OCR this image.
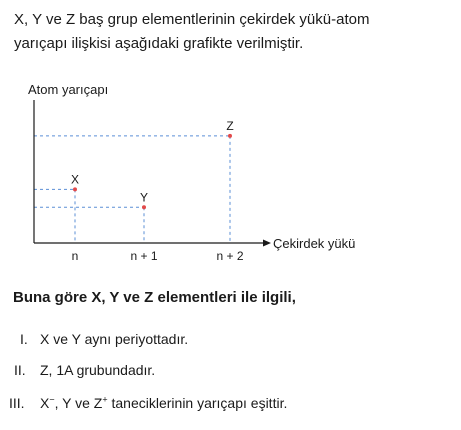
X, Y ve Z baş grup elementlerinin çekirdek yükü-atom
yarıçapı ilişkisi aşağıdaki grafikte verilmiştir.

Atom yarıçapı
Çekirdek yükü
n	n + 1	n + 2
X
Y
Z

Buna göre X, Y ve Z elementleri ile ilgili,

I. X ve Y aynı periyottadır.

II. Z, 1A grubundadır.

III. X−, Y ve Z+ taneciklerinin yarıçapı eşittir.
